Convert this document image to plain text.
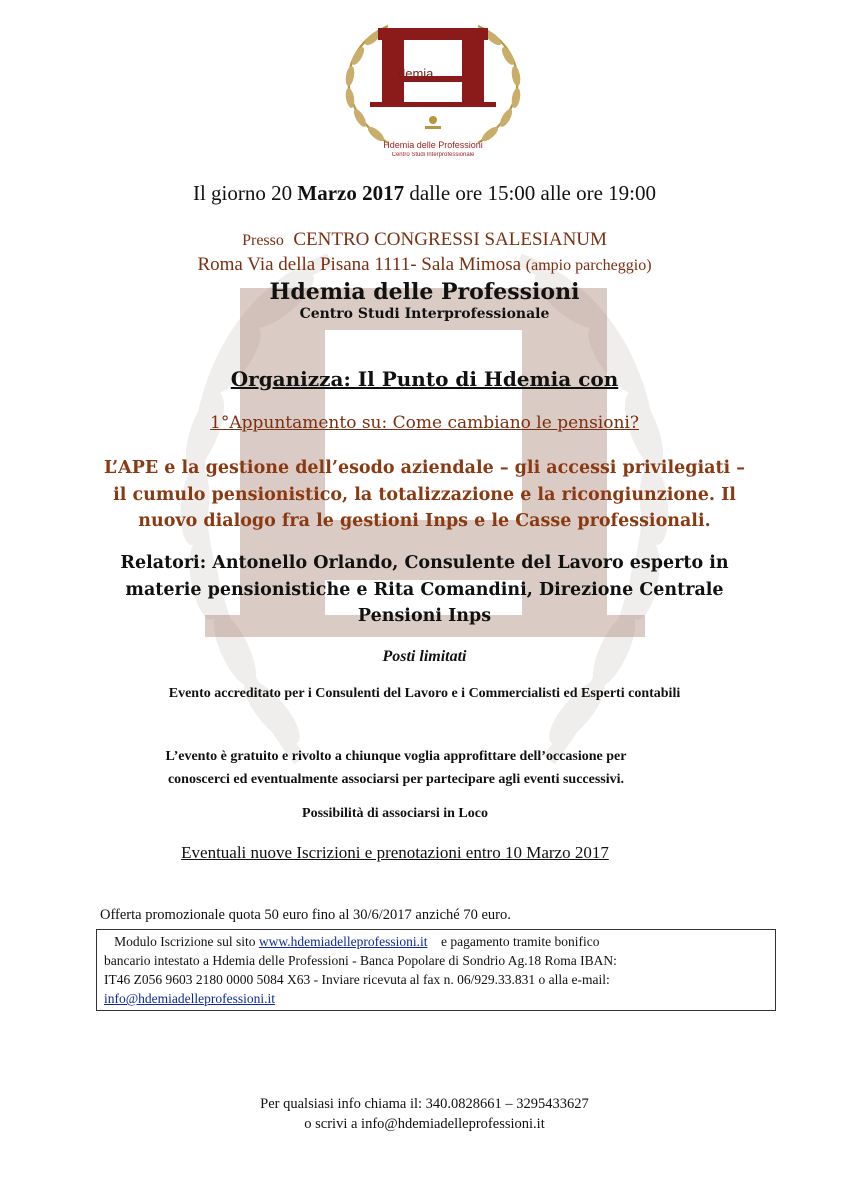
demia
Hdemia delle Professioni
Centro Studi Interprofessionale
Il giorno 20 Marzo 2017 dalle ore 15:00 alle ore 19:00
Presso CENTRO CONGRESSI SALESIANUM
Roma Via della Pisana 1111- Sala Mimosa (ampio parcheggio)
Hdemia delle Professioni
Centro Studi Interprofessionale
Organizza: Il Punto di Hdemia con
1°Appuntamento su: Come cambiano le pensioni?
L’APE e la gestione dell’esodo aziendale – gli accessi privilegiati –
il cumulo pensionistico, la totalizzazione e la ricongiunzione. Il
nuovo dialogo fra le gestioni Inps e le Casse professionali.
Relatori: Antonello Orlando, Consulente del Lavoro esperto in
materie pensionistiche e Rita Comandini, Direzione Centrale
Pensioni Inps
Posti limitati
Evento accreditato per i Consulenti del Lavoro e i Commercialisti ed Esperti contabili
L’evento è gratuito e rivolto a chiunque voglia approfittare dell’occasione per
conoscerci ed eventualmente associarsi per partecipare agli eventi successivi.
Possibilità di associarsi in Loco
Eventuali nuove Iscrizioni e prenotazioni entro 10 Marzo 2017
Offerta promozionale quota 50 euro fino al 30/6/2017 anziché 70 euro.
Modulo Iscrizione sul sito www.hdemiadelleprofessioni.it e pagamento tramite bonifico
bancario intestato a Hdemia delle Professioni - Banca Popolare di Sondrio Ag.18 Roma IBAN:
IT46 Z056 9603 2180 0000 5084 X63 - Inviare ricevuta al fax n. 06/929.33.831 o alla e-mail:
info@hdemiadelleprofessioni.it
Per qualsiasi info chiama il: 340.0828661 – 3295433627
o scrivi a info@hdemiadelleprofessioni.it
